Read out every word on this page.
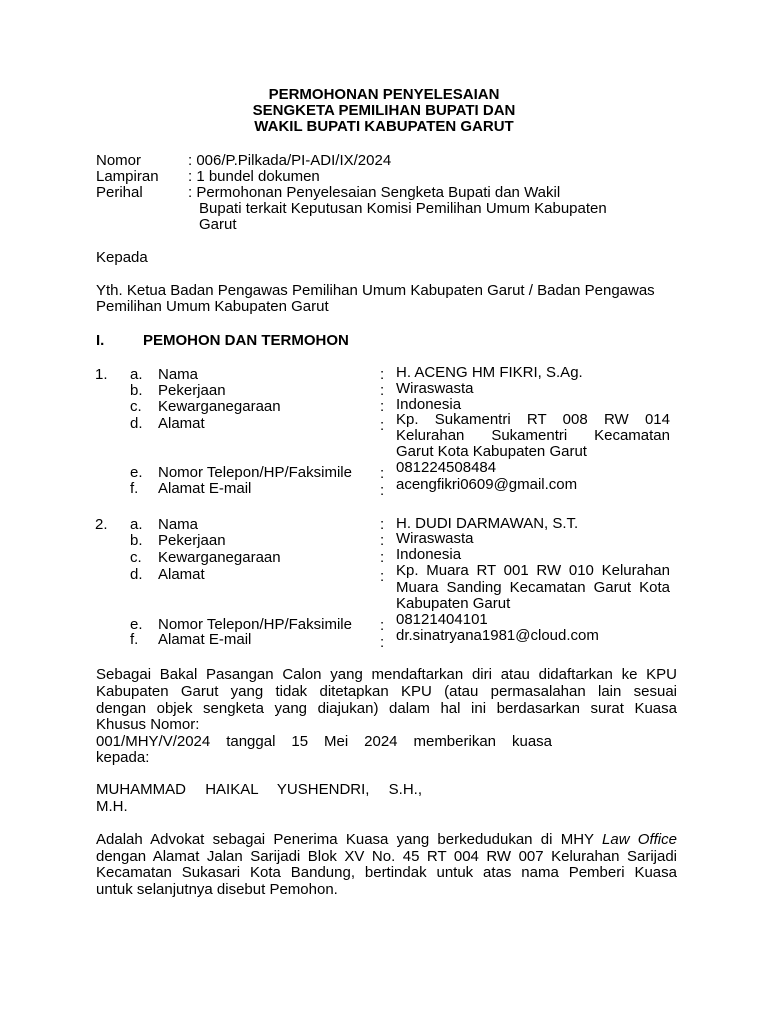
PERMOHONAN PENYELESAIAN
SENGKETA PEMILIHAN BUPATI DAN
WAKIL BUPATI KABUPATEN GARUT
Nomor	: 006/P.Pilkada/PI-ADI/IX/2024
Lampiran : 1 bundel dokumen
Perihal	: Permohonan Penyelesaian Sengketa Bupati dan Wakil
Bupati terkait Keputusan Komisi Pemilihan Umum Kabupaten
Garut
Kepada
Yth. Ketua Badan Pengawas Pemilihan Umum Kabupaten Garut / Badan Pengawas
Pemilihan Umum Kabupaten Garut
I.	PEMOHON DAN TERMOHON
1. a. Nama	: H. ACENG HM FIKRI, S.Ag.
b. Pekerjaan	: Wiraswasta
c. Kewarganegaraan	: Indonesia
d. Alamat	: Kp. Sukamentri RT 008 RW 014
Kelurahan Sukamentri Kecamatan
Garut Kota Kabupaten Garut
e. Nomor Telepon/HP/Faksimile : 081224508484
f. Alamat E-mail	: acengfikri0609@gmail.com
2. a. Nama	: H. DUDI DARMAWAN, S.T.
b. Pekerjaan	: Wiraswasta
c. Kewarganegaraan	: Indonesia
d. Alamat	: Kp. Muara RT 001 RW 010 Kelurahan
Muara Sanding Kecamatan Garut Kota
Kabupaten Garut
e. Nomor Telepon/HP/Faksimile : 08121404101
f. Alamat E-mail	: dr.sinatryana1981@cloud.com
Sebagai Bakal Pasangan Calon yang mendaftarkan diri atau didaftarkan ke KPU
Kabupaten Garut yang tidak ditetapkan KPU (atau permasalahan lain sesuai
dengan objek sengketa yang diajukan) dalam hal ini berdasarkan surat Kuasa
Khusus Nomor:
001/MHY/V/2024 tanggal 15 Mei 2024 memberikan kuasa
kepada:
MUHAMMAD HAIKAL YUSHENDRI, S.H.,
M.H.
Adalah Advokat sebagai Penerima Kuasa yang berkedudukan di MHY Law Office
dengan Alamat Jalan Sarijadi Blok XV No. 45 RT 004 RW 007 Kelurahan Sarijadi
Kecamatan Sukasari Kota Bandung, bertindak untuk atas nama Pemberi Kuasa
untuk selanjutnya disebut Pemohon.
